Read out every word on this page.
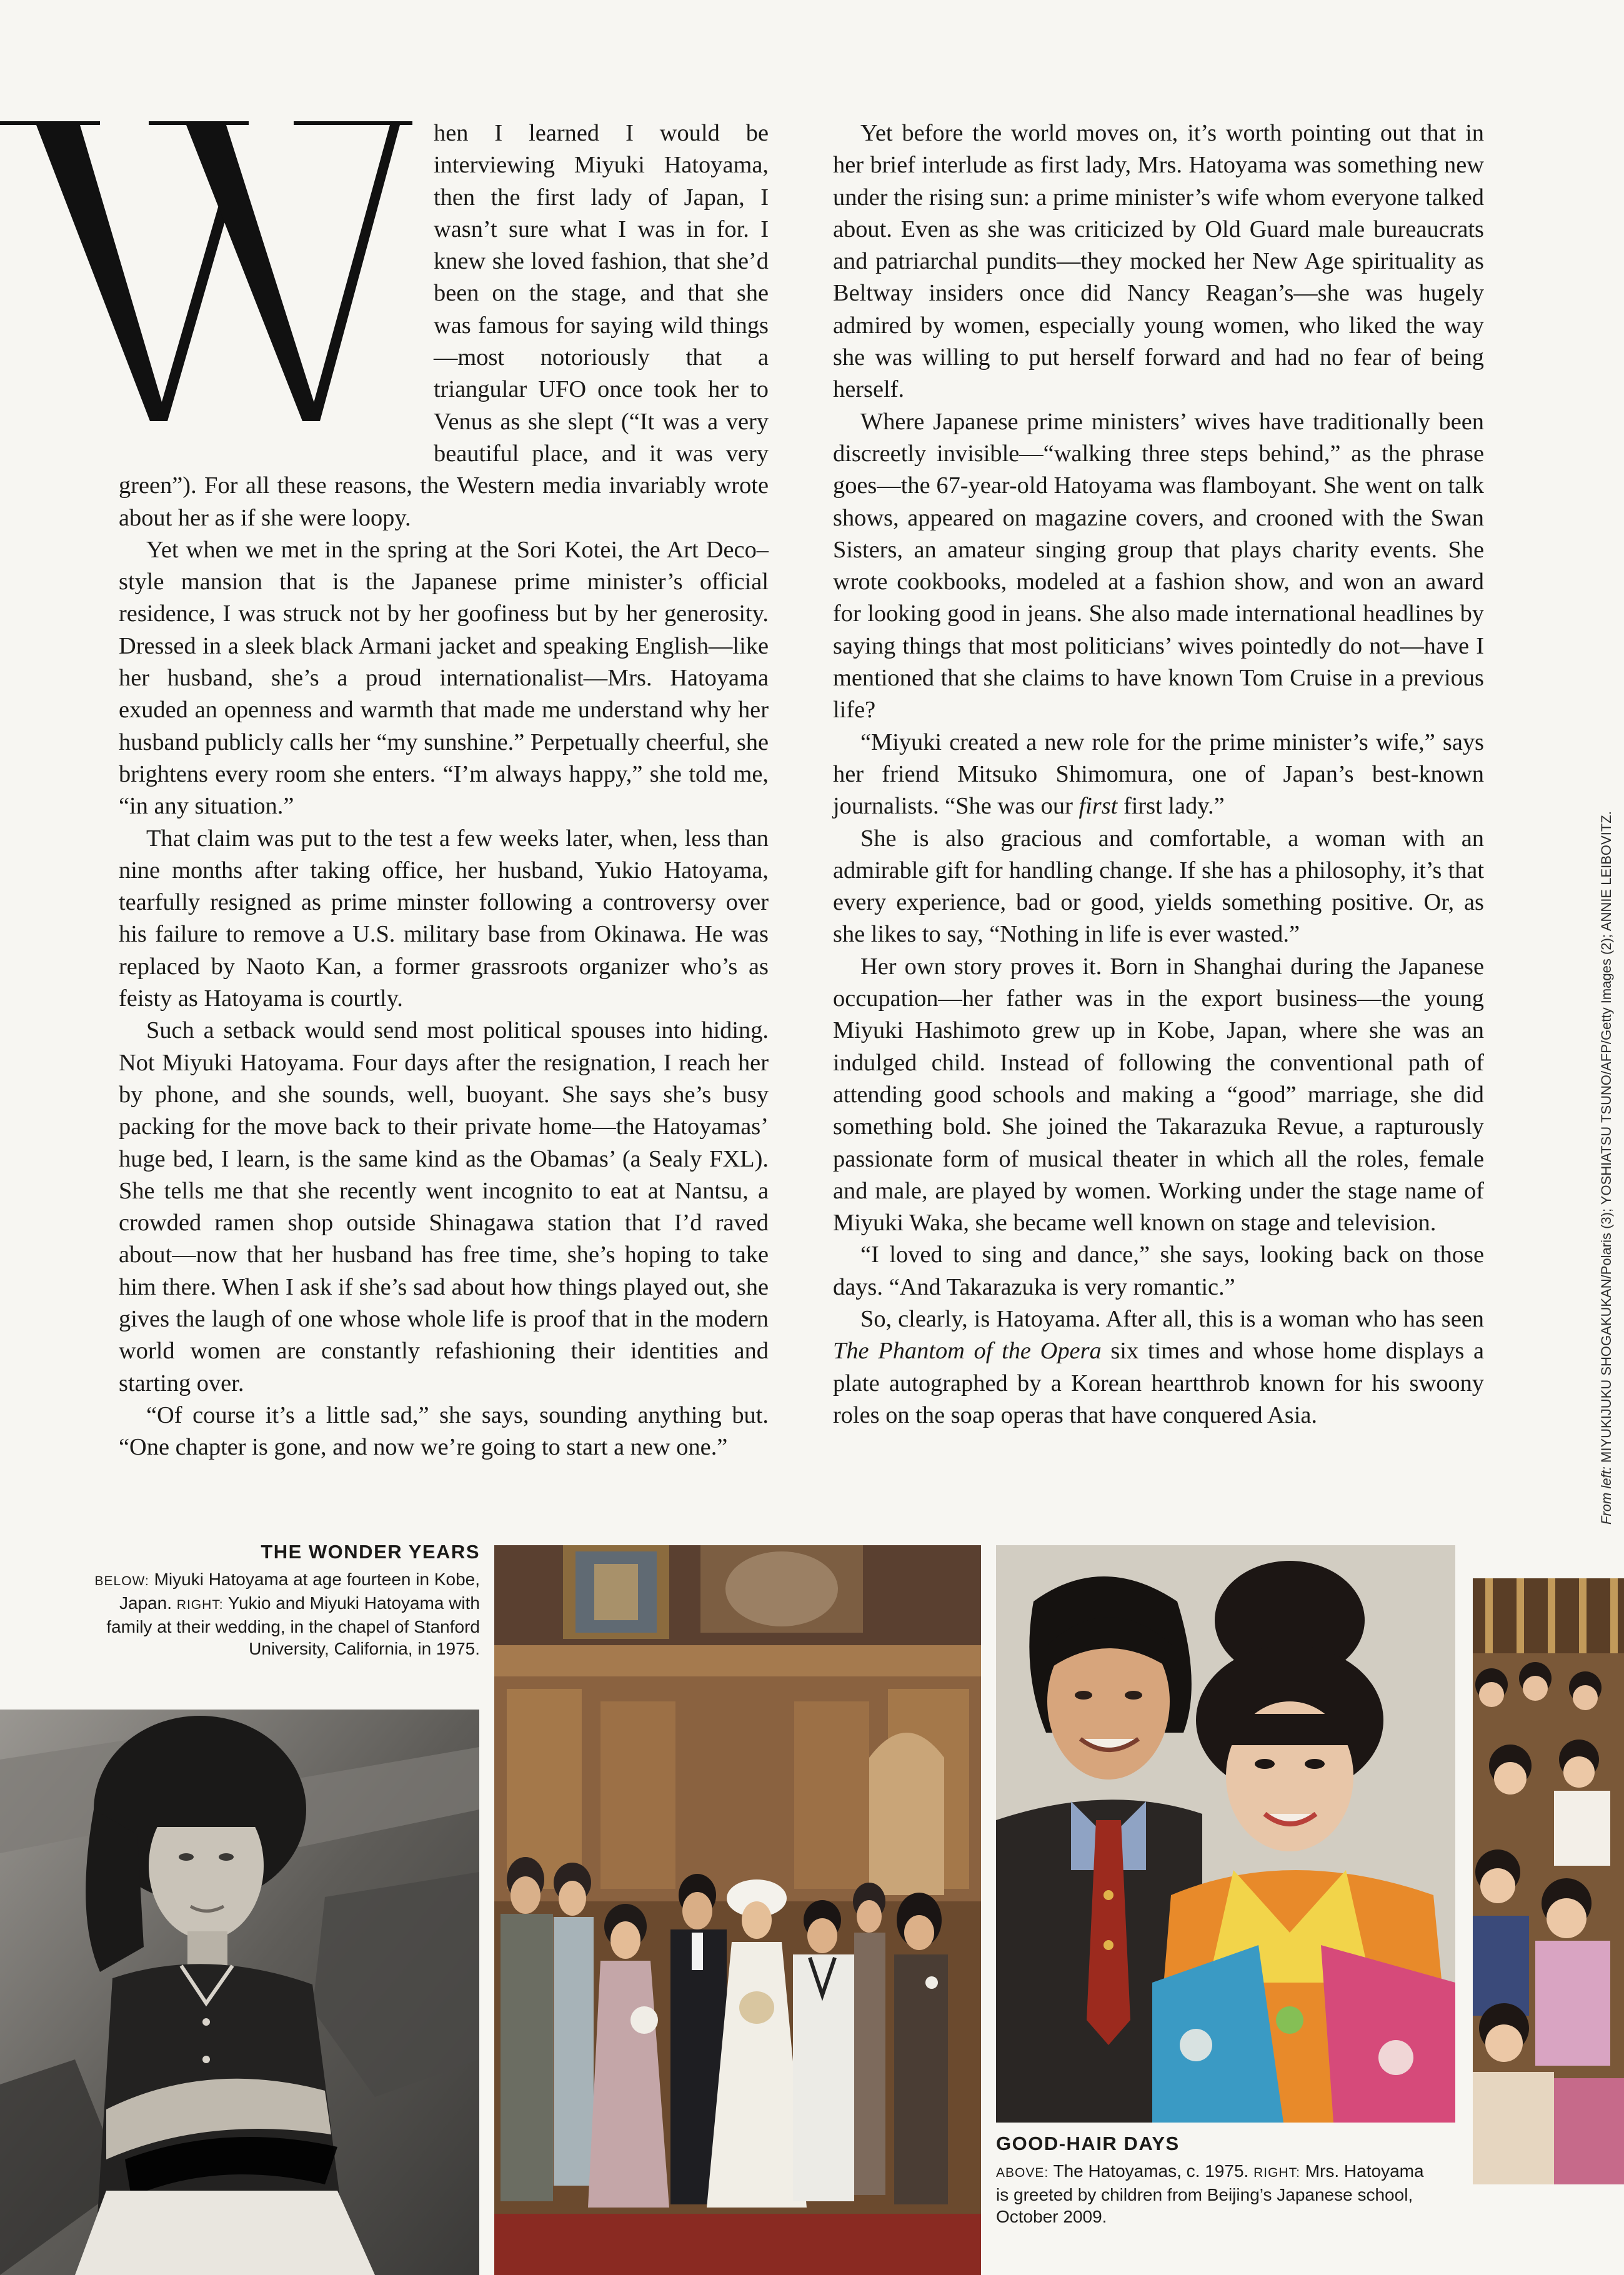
hen I learned I would be interviewing Miyuki Hatoyama, then the first lady of Japan, I wasn’t sure what I was in for. I knew she loved fashion, that she’d been on the stage, and that she was famous for saying wild things—most notoriously that a triangular UFO once took her to Venus as she slept (“It was a very beautiful place, and it was very green”). For all these reasons, the Western media invariably wrote about her as if she were loopy.

Yet when we met in the spring at the Sori Kotei, the Art Deco–style mansion that is the Japanese prime minister’s official residence, I was struck not by her goofiness but by her generosity. Dressed in a sleek black Armani jacket and speaking English—like her husband, she’s a proud internationalist—Mrs. Hatoyama exuded an openness and warmth that made me understand why her husband publicly calls her “my sunshine.” Perpetually cheerful, she brightens every room she enters. “I’m always happy,” she told me, “in any situation.”

That claim was put to the test a few weeks later, when, less than nine months after taking office, her husband, Yukio Hatoyama, tearfully resigned as prime minster following a controversy over his failure to remove a U.S. military base from Okinawa. He was replaced by Naoto Kan, a former grassroots organizer who’s as feisty as Hatoyama is courtly.

Such a setback would send most political spouses into hiding. Not Miyuki Hatoyama. Four days after the resignation, I reach her by phone, and she sounds, well, buoyant. She says she’s busy packing for the move back to their private home—the Hatoyamas’ huge bed, I learn, is the same kind as the Obamas’ (a Sealy FXL). She tells me that she recently went incognito to eat at Nantsu, a crowded ramen shop outside Shinagawa station that I’d raved about—now that her husband has free time, she’s hoping to take him there. When I ask if she’s sad about how things played out, she gives the laugh of one whose whole life is proof that in the modern world women are constantly refashioning their identities and starting over.

“Of course it’s a little sad,” she says, sounding anything but. “One chapter is gone, and now we’re going to start a new one.”

Yet before the world moves on, it’s worth pointing out that in her brief interlude as first lady, Mrs. Hatoyama was something new under the rising sun: a prime minister’s wife whom everyone talked about. Even as she was criticized by Old Guard male bureaucrats and patriarchal pundits—they mocked her New Age spirituality as Beltway insiders once did Nancy Reagan’s—she was hugely admired by women, especially young women, who liked the way she was willing to put herself forward and had no fear of being herself.

Where Japanese prime ministers’ wives have traditionally been discreetly invisible—“walking three steps behind,” as the phrase goes—the 67-year-old Hatoyama was flamboyant. She went on talk shows, appeared on magazine covers, and crooned with the Swan Sisters, an amateur singing group that plays charity events. She wrote cookbooks, modeled at a fashion show, and won an award for looking good in jeans. She also made international headlines by saying things that most politicians’ wives pointedly do not—have I mentioned that she claims to have known Tom Cruise in a previous life?

“Miyuki created a new role for the prime minister’s wife,” says her friend Mitsuko Shimomura, one of Japan’s best-known journalists. “She was our first first lady.”

She is also gracious and comfortable, a woman with an admirable gift for handling change. If she has a philosophy, it’s that every experience, bad or good, yields something positive. Or, as she likes to say, “Nothing in life is ever wasted.”

Her own story proves it. Born in Shanghai during the Japanese occupation—her father was in the export business—the young Miyuki Hashimoto grew up in Kobe, Japan, where she was an indulged child. Instead of following the conventional path of attending good schools and making a “good” marriage, she did something bold. She joined the Takarazuka Revue, a rapturously passionate form of musical theater in which all the roles, female and male, are played by women. Working under the stage name of Miyuki Waka, she became well known on stage and television.

“I loved to sing and dance,” she says, looking back on those days. “And Takarazuka is very romantic.”

So, clearly, is Hatoyama. After all, this is a woman who has seen The Phantom of the Opera six times and whose home displays a plate autographed by a Korean heartthrob known for his swoony roles on the soap operas that have conquered Asia.

From left: MIYUKIJUKU SHOGAKUKAN/Polaris (3); YOSHIATSU TSUNO/AFP/Getty Images (2); ANNIE LEIBOVITZ.
THE WONDER YEARS
BELOW: Miyuki Hatoyama at age fourteen in Kobe, Japan. RIGHT: Yukio and Miyuki Hatoyama with family at their wedding, in the chapel of Stanford University, California, in 1975.
GOOD-HAIR DAYS
ABOVE: The Hatoyamas, c. 1975. RIGHT: Mrs. Hatoyama is greeted by children from Beijing’s Japanese school, October 2009.
